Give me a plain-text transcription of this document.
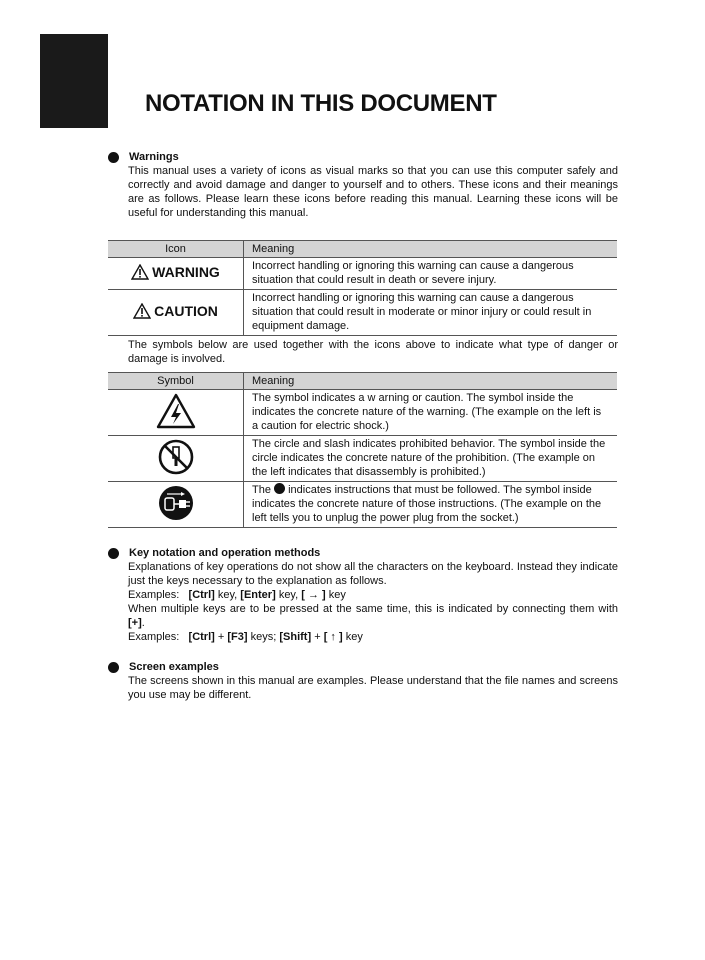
NOTATION IN THIS DOCUMENT
Warnings

This manual uses a variety of icons as visual marks so that you can use this computer safely and correctly and avoid damage and danger to yourself and to others. These icons and their meanings are as follows. Please learn these icons before reading this manual. Learning these icons will be useful for understanding this manual.

Icon	Meaning

WARNING	Incorrect handling or ignoring this warning can cause a dangerous situation that could result in death or severe injury.

CAUTION	Incorrect handling or ignoring this warning can cause a dangerous situation that could result in moderate or minor injury or could result in equipment damage.

The symbols below are used together with the icons above to indicate what type of danger or damage is involved.

Symbol	Meaning
	The symbol indicates a w arning or caution. The symbol inside the indicates the concrete nature of the warning. (The example on the left is a caution for electric shock.)
	The circle and slash indicates prohibited behavior. The symbol inside the circle indicates the concrete nature of the prohibition. (The example on the left indicates that disassembly is prohibited.)
	The indicates instructions that must be followed. The symbol inside indicates the concrete nature of those instructions. (The example on the left tells you to unplug the power plug from the socket.)
Key notation and operation methods

Explanations of key operations do not show all the characters on the keyboard. Instead they indicate just the keys necessary to the explanation as follows.

Examples: [Ctrl] key, [Enter] key, [ → ] key

When multiple keys are to be pressed at the same time, this is indicated by connecting them with [+].

Examples: [Ctrl] + [F3] keys; [Shift] + [ ↑ ] key

Screen examples

The screens shown in this manual are examples. Please understand that the file names and screens you use may be different.
